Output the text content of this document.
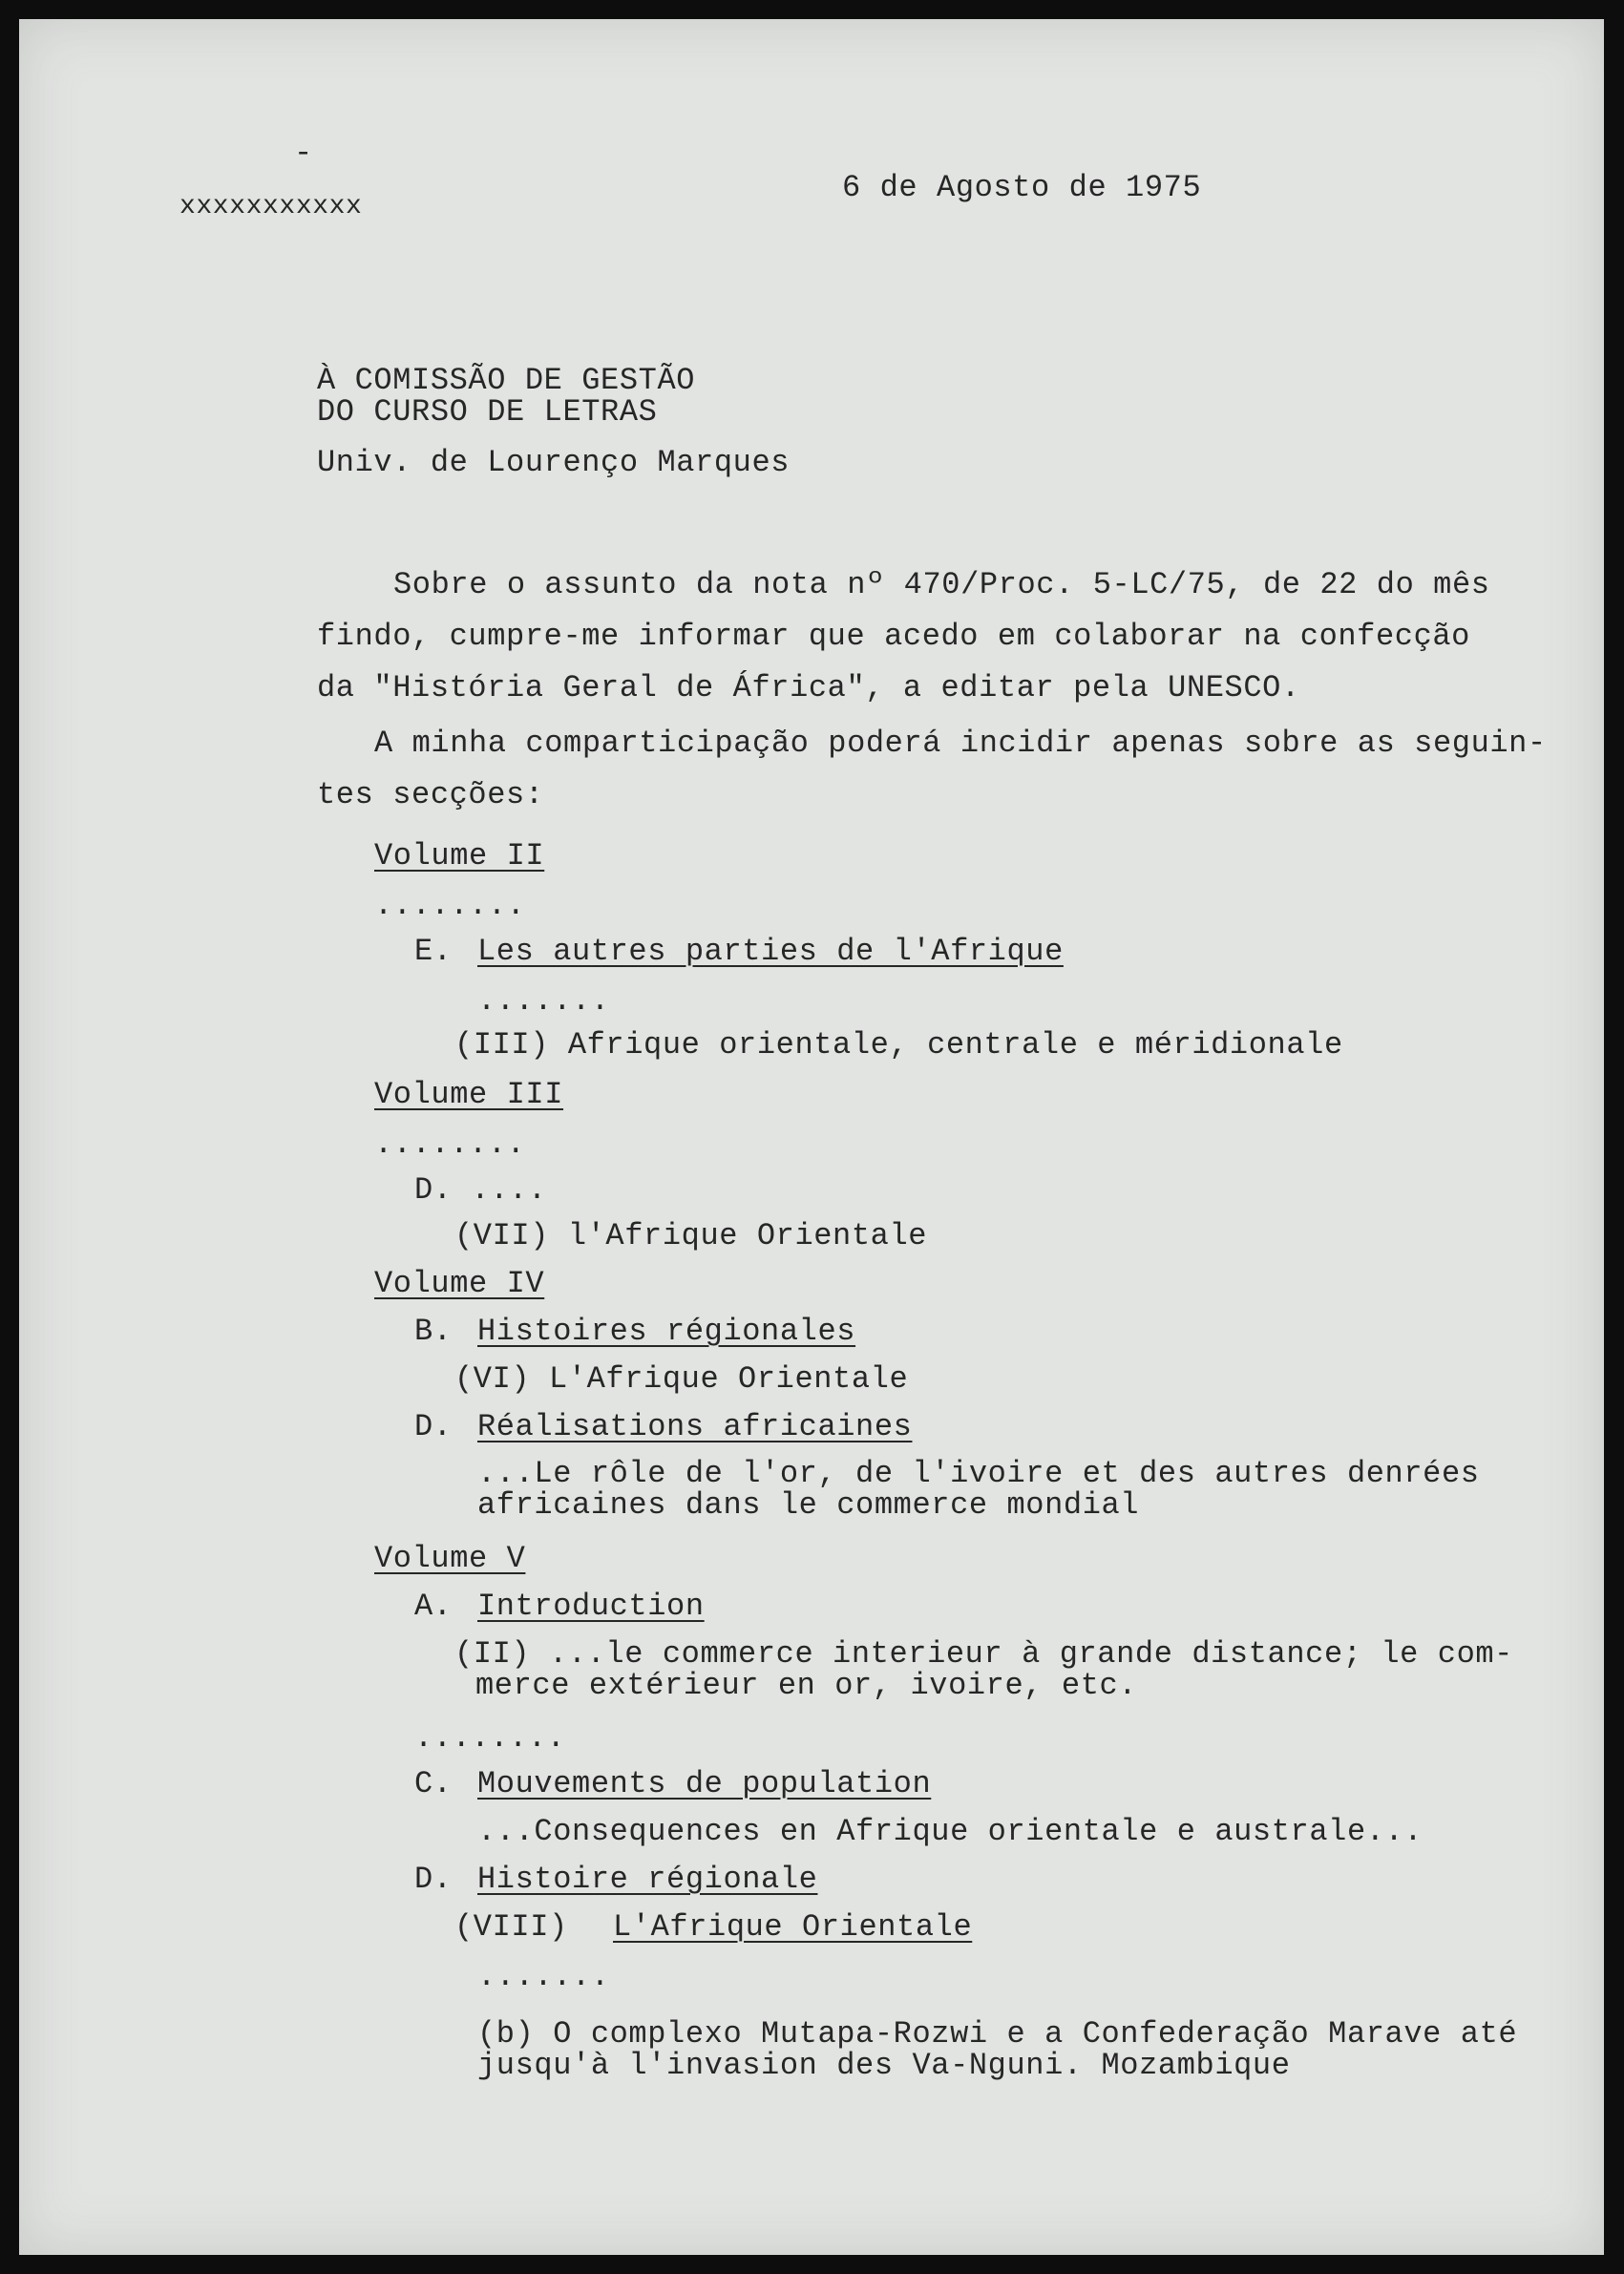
-

xxxxxxxxxxx

6 de Agosto de 1975

À COMISSÃO DE GESTÃO

DO CURSO DE LETRAS

Univ. de Lourenço Marques

Sobre o assunto da nota nº 470/Proc. 5-LC/75, de 22 do mês

findo, cumpre-me informar que acedo em colaborar na confecção

da "História Geral de África", a editar pela UNESCO.

A minha comparticipação poderá incidir apenas sobre as seguin-

tes secções:

Volume II

........

E. Les autres parties de l'Afrique

.......

(III) Afrique orientale, centrale e méridionale

Volume III

........

D. ....

(VII) l'Afrique Orientale

Volume IV

B. Histoires régionales

(VI) L'Afrique Orientale

D. Réalisations africaines

...Le rôle de l'or, de l'ivoire et des autres denrées

africaines dans le commerce mondial

Volume V

A. Introduction

(II) ...le commerce interieur à grande distance; le com-

merce extérieur en or, ivoire, etc.

........

C. Mouvements de population

...Consequences en Afrique orientale e australe...

D. Histoire régionale

(VIII) L'Afrique Orientale

.......

(b) O complexo Mutapa-Rozwi e a Confederação Marave até

jusqu'à l'invasion des Va-Nguni. Mozambique
